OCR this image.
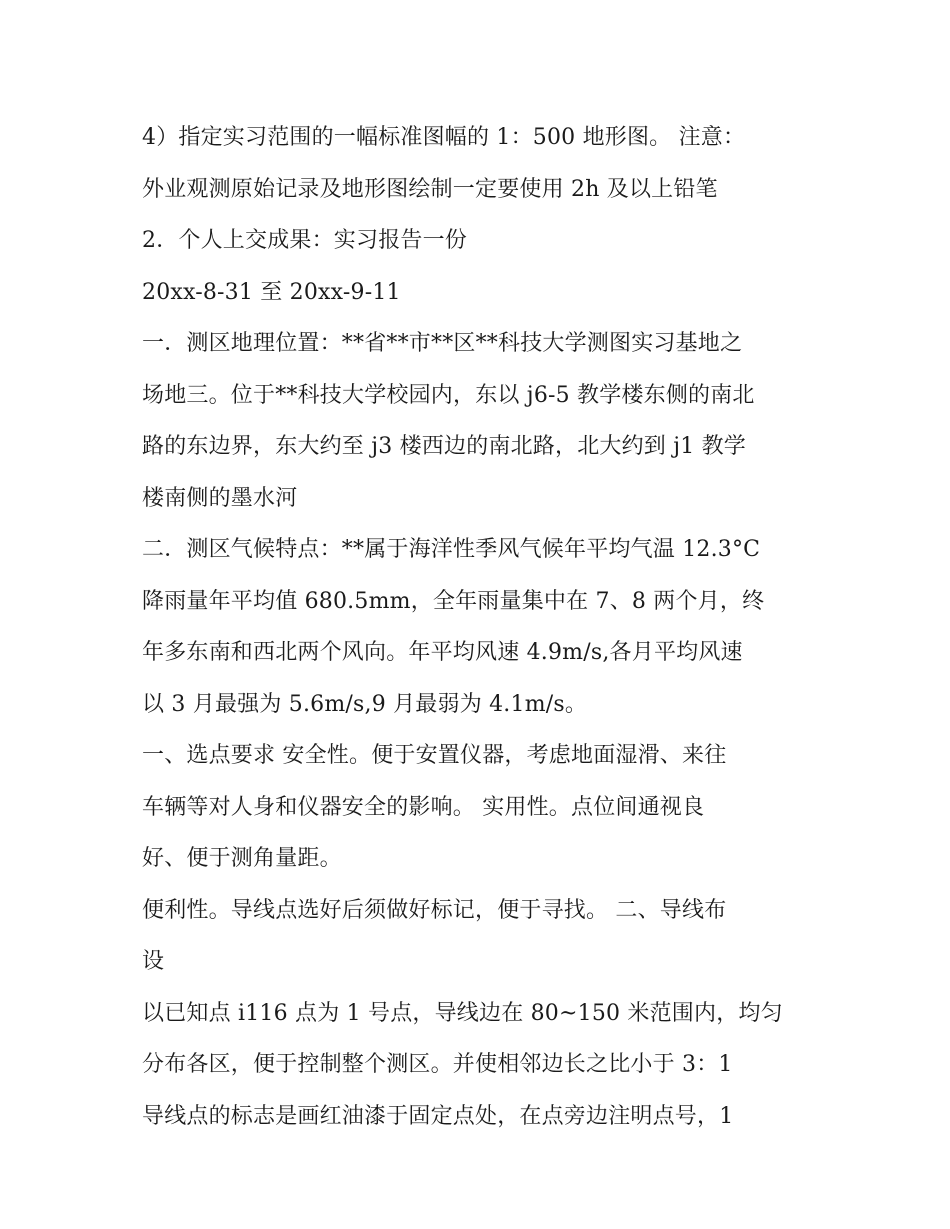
4）指定实习范围的一幅标准图幅的 1：500 地形图。 注意：
外业观测原始记录及地形图绘制一定要使用 2h 及以上铅笔
2．个人上交成果：实习报告一份
20xx-8-31 至 20xx-9-11
一．测区地理位置：**省**市**区**科技大学测图实习基地之
场地三。位于**科技大学校园内，东以 j6-5 教学楼东侧的南北
路的东边界，东大约至 j3 楼西边的南北路，北大约到 j1 教学
楼南侧的墨水河
二．测区气候特点：**属于海洋性季风气候年平均气温 12.3°C
降雨量年平均值 680.5mm，全年雨量集中在 7、8 两个月，终
年多东南和西北两个风向。年平均风速 4.9m/s,各月平均风速
以 3 月最强为 5.6m/s,9 月最弱为 4.1m/s。
一、选点要求 安全性。便于安置仪器，考虑地面湿滑、来往
车辆等对人身和仪器安全的影响。 实用性。点位间通视良
好、便于测角量距。
便利性。导线点选好后须做好标记，便于寻找。 二、导线布
设
以已知点 i116 点为 1 号点，导线边在 80~150 米范围内，均匀
分布各区，便于控制整个测区。并使相邻边长之比小于 3：1
导线点的标志是画红油漆于固定点处，在点旁边注明点号，1
